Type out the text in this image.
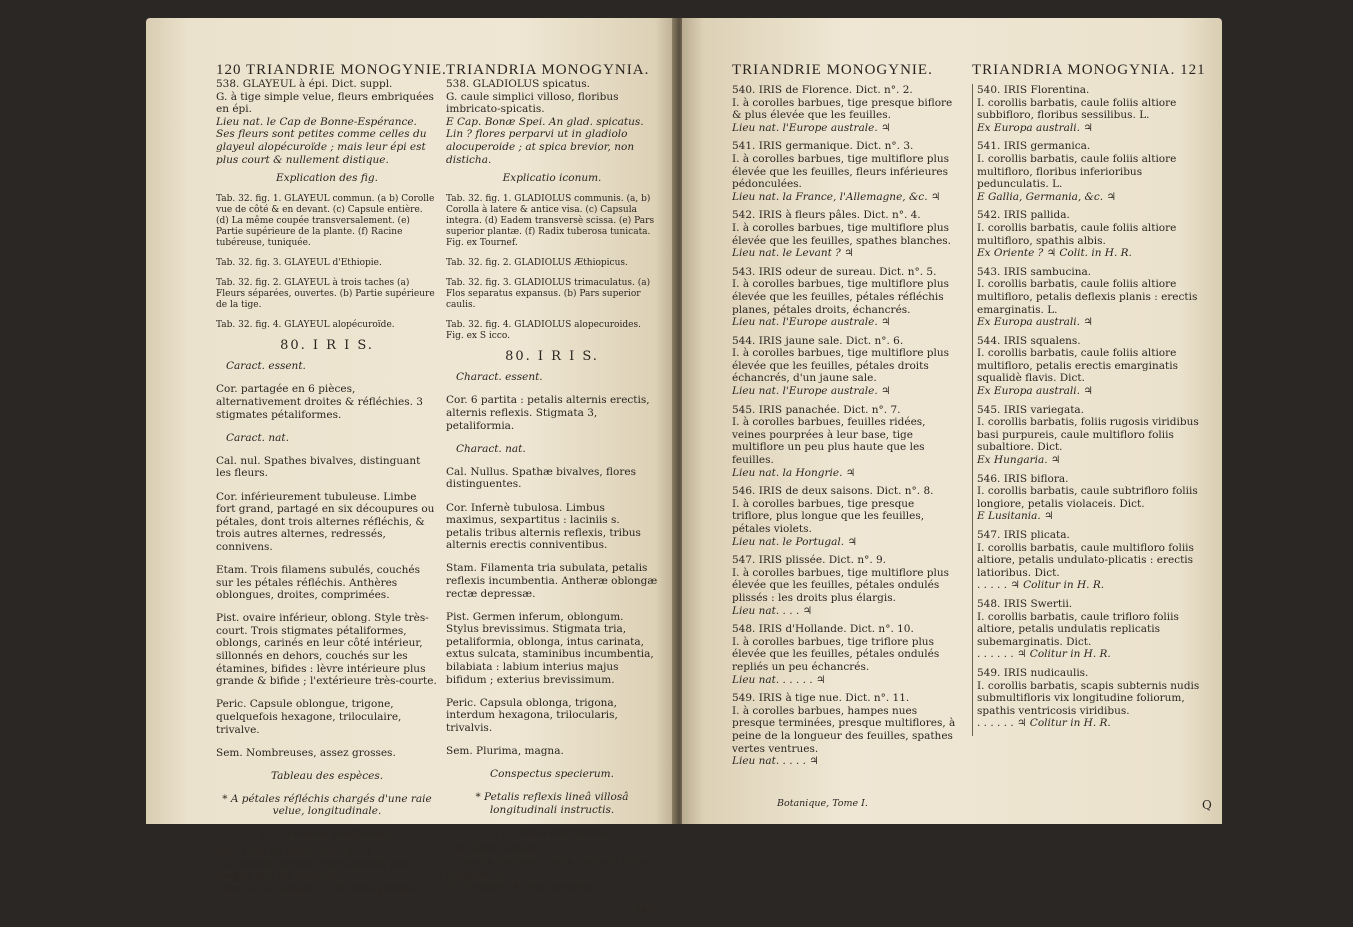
120 TRIANDRIE MONOGYNIE. TRIANDRIA MONOGYNIA.

538. GLAYEUL à épi. Dict. suppl.

G. à tige simple velue, fleurs embriquées en épi.

Lieu nat. le Cap de Bonne-Espérance. Ses fleurs sont petites comme celles du glayeul alopécuroïde ; mais leur épi est plus court & nullement distique.

Explication des fig.

Tab. 32. fig. 1. GLAYEUL commun. (a b) Corolle vue de côté & en devant. (c) Capsule entière. (d) La même coupée transversalement. (e) Partie supérieure de la plante. (f) Racine tubéreuse, tuniquée.

Tab. 32. fig. 3. GLAYEUL d'Ethiopie.

Tab. 32. fig. 2. GLAYEUL à trois taches (a) Fleurs séparées, ouvertes. (b) Partie supérieure de la tige.

Tab. 32. fig. 4. GLAYEUL alopécuroïde.

80. I R I S.

Caract. essent.

Cor. partagée en 6 pièces, alternativement droites & réfléchies. 3 stigmates pétaliformes.

Caract. nat.

Cal. nul. Spathes bivalves, distinguant les fleurs.

Cor. inférieurement tubuleuse. Limbe fort grand, partagé en six découpures ou pétales, dont trois alternes réfléchis, & trois autres alternes, redressés, connivens.

Etam. Trois filamens subulés, couchés sur les pétales réfléchis. Anthères oblongues, droites, comprimées.

Pist. ovaire inférieur, oblong. Style très-court. Trois stigmates pétaliformes, oblongs, carinés en leur côté intérieur, sillonnés en dehors, couchés sur les étamines, bifides : lèvre intérieure plus grande & bifide ; l'extérieure très-courte.

Peric. Capsule oblongue, trigone, quelquefois hexagone, triloculaire, trivalve.

Sem. Nombreuses, assez grosses.

Tableau des espèces.

* A pétales réfléchis chargés d'une raie velue, longitudinale.

( A ) Feuilles ensiformes.

539. IRIS de Suse. Dict. n°. 1.

I. à corolle barbue, tige uniflore plus longue que les feuilles.

Lieu nat. le Levant. ♃ Fl. très-grande.

538. GLADIOLUS spicatus.

G. caule simplici villoso, floribus imbricato-spicatis.

E Cap. Bonæ Spei. An glad. spicatus. Lin ? flores perparvi ut in gladiolo alocuperoide ; at spica brevior, non disticha.

Explicatio iconum.

Tab. 32. fig. 1. GLADIOLUS communis. (a, b) Corolla à latere & antice visa. (c) Capsula integra. (d) Eadem transversè scissa. (e) Pars superior plantæ. (f) Radix tuberosa tunicata. Fig. ex Tournef.

Tab. 32. fig. 2. GLADIOLUS Æthiopicus.

Tab. 32. fig. 3. GLADIOLUS trimaculatus. (a) Flos separatus expansus. (b) Pars superior caulis.

Tab. 32. fig. 4. GLADIOLUS alopecuroides. Fig. ex S icco.

80. I R I S.

Charact. essent.

Cor. 6 partita : petalis alternis erectis, alternis reflexis. Stigmata 3, petaliformia.

Charact. nat.

Cal. Nullus. Spathæ bivalves, flores distinguentes.

Cor. Infernè tubulosa. Limbus maximus, sexpartitus : laciniis s. petalis tribus alternis reflexis, tribus alternis erectis conniventibus.

Stam. Filamenta tria subulata, petalis reflexis incumbentia. Antheræ oblongæ rectæ depressæ.

Pist. Germen inferum, oblongum. Stylus brevissimus. Stigmata tria, petaliformia, oblonga, intus carinata, extus sulcata, staminibus incumbentia, bilabiata : labium interius majus bifidum ; exterius brevissimum.

Peric. Capsula oblonga, trigona, interdum hexagona, trilocularis, trivalvis.

Sem. Plurima, magna.

Conspectus specierum.

* Petalis reflexis lineâ villosâ longitudinali instructis.

( A ) Folia ensiformia.

539. IRIS susiana.

I. corolla barbata, caule unifloro foliis longiore. L.

Ex Oriente. ♃ Flos maximus.

540.

TRIANDRIE MONOGYNIE.	TRIANDRIA MONOGYNIA. 121

540. IRIS de Florence. Dict. n°. 2.

I. à corolles barbues, tige presque biflore & plus élevée que les feuilles.

Lieu nat. l'Europe australe. ♃

541. IRIS germanique. Dict. n°. 3.

I. à corolles barbues, tige multiflore plus élevée que les feuilles, fleurs inférieures pédonculées.

Lieu nat. la France, l'Allemagne, &c. ♃

542. IRIS à fleurs pâles. Dict. n°. 4.

I. à corolles barbues, tige multiflore plus élevée que les feuilles, spathes blanches.

Lieu nat. le Levant ? ♃

543. IRIS odeur de sureau. Dict. n°. 5.

I. à corolles barbues, tige multiflore plus élevée que les feuilles, pétales réfléchis planes, pétales droits, échancrés.

Lieu nat. l'Europe australe. ♃

544. IRIS jaune sale. Dict. n°. 6.

I. à corolles barbues, tige multiflore plus élevée que les feuilles, pétales droits échancrés, d'un jaune sale.

Lieu nat. l'Europe australe. ♃

545. IRIS panachée. Dict. n°. 7.

I. à corolles barbues, feuilles ridées, veines pourprées à leur base, tige multiflore un peu plus haute que les feuilles.

Lieu nat. la Hongrie. ♃

546. IRIS de deux saisons. Dict. n°. 8.

I. à corolles barbues, tige presque triflore, plus longue que les feuilles, pétales violets.

Lieu nat. le Portugal. ♃

547. IRIS plissée. Dict. n°. 9.

I. à corolles barbues, tige multiflore plus élevée que les feuilles, pétales ondulés plissés : les droits plus élargis.

Lieu nat. . . . ♃

548. IRIS d'Hollande. Dict. n°. 10.

I. à corolles barbues, tige triflore plus élevée que les feuilles, pétales ondulés repliés un peu échancrés.

Lieu nat. . . . . . ♃

549. IRIS à tige nue. Dict. n°. 11.

I. à corolles barbues, hampes nues presque terminées, presque multiflores, à peine de la longueur des feuilles, spathes vertes ventrues.

Lieu nat. . . . . ♃

540. IRIS Florentina.

I. corollis barbatis, caule foliis altiore subbifloro, floribus sessilibus. L.

Ex Europa australi. ♃

541. IRIS germanica.

I. corollis barbatis, caule foliis altiore multifloro, floribus inferioribus pedunculatis. L.

E Gallia, Germania, &c. ♃

542. IRIS pallida.

I. corollis barbatis, caule foliis altiore multifloro, spathis albis.

Ex Oriente ? ♃ Colit. in H. R.

543. IRIS sambucina.

I. corollis barbatis, caule foliis altiore multifloro, petalis deflexis planis : erectis emarginatis. L.

Ex Europa australi. ♃

544. IRIS squalens.

I. corollis barbatis, caule foliis altiore multifloro, petalis erectis emarginatis squalidè flavis. Dict.

Ex Europa australi. ♃

545. IRIS variegata.

I. corollis barbatis, foliis rugosis viridibus basi purpureis, caule multifloro foliis subaltiore. Dict.

Ex Hungaria. ♃

546. IRIS biflora.

I. corollis barbatis, caule subtrifloro foliis longiore, petalis violaceis. Dict.

E Lusitania. ♃

547. IRIS plicata.

I. corollis barbatis, caule multifloro foliis altiore, petalis undulato-plicatis : erectis latioribus. Dict.

. . . . . ♃ Colitur in H. R.

548. IRIS Swertii.

I. corollis barbatis, caule trifloro foliis altiore, petalis undulatis replicatis subemarginatis. Dict.

. . . . . . ♃ Colitur in H. R.

549. IRIS nudicaulis.

I. corollis barbatis, scapis subternis nudis submultifloris vix longitudine foliorum, spathis ventricosis viridibus.

. . . . . . ♃ Colitur in H. R.

Botanique, Tome I.	Q
